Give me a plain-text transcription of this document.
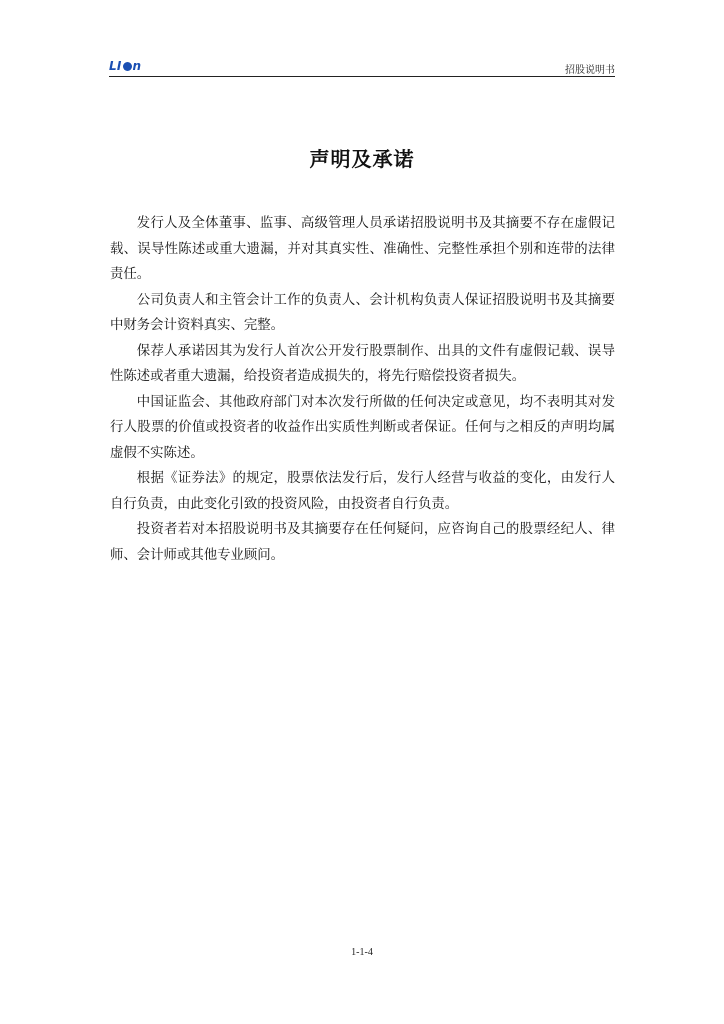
LI n	招股说明书
声明及承诺

发行人及全体董事、监事、高级管理人员承诺招股说明书及其摘要不存在虚假记载、误导性陈述或重大遗漏，并对其真实性、准确性、完整性承担个别和连带的法律责任。

公司负责人和主管会计工作的负责人、会计机构负责人保证招股说明书及其摘要中财务会计资料真实、完整。

保荐人承诺因其为发行人首次公开发行股票制作、出具的文件有虚假记载、误导性陈述或者重大遗漏，给投资者造成损失的，将先行赔偿投资者损失。

中国证监会、其他政府部门对本次发行所做的任何决定或意见，均不表明其对发行人股票的价值或投资者的收益作出实质性判断或者保证。任何与之相反的声明均属虚假不实陈述。

根据《证券法》的规定，股票依法发行后，发行人经营与收益的变化，由发行人自行负责，由此变化引致的投资风险，由投资者自行负责。

投资者若对本招股说明书及其摘要存在任何疑问，应咨询自己的股票经纪人、律师、会计师或其他专业顾问。

1-1-4
